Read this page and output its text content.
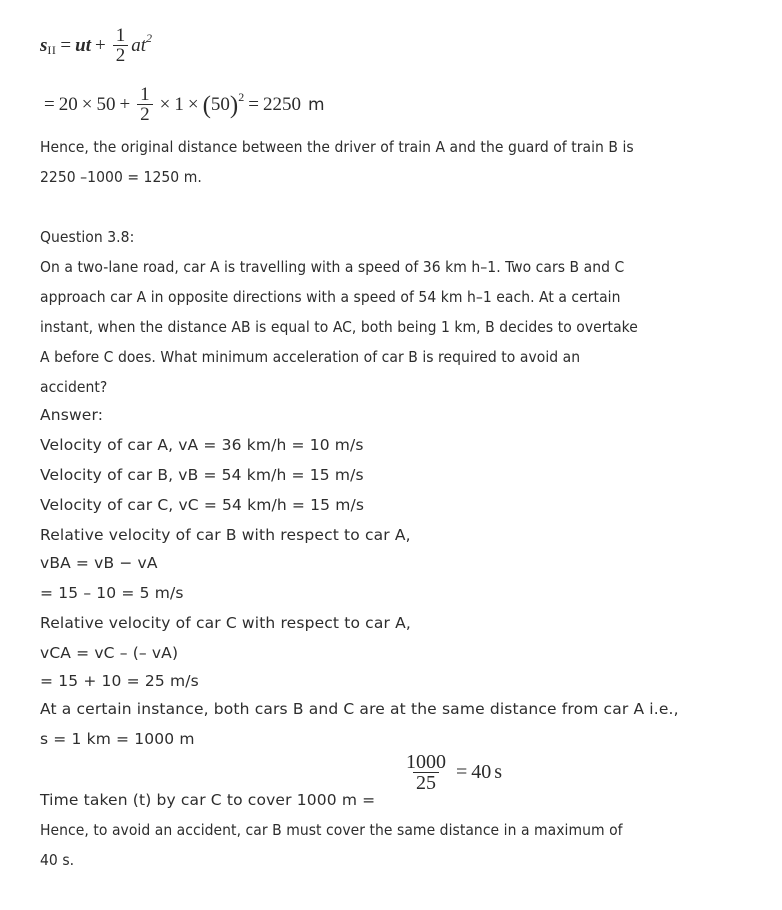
s II = ut + $\frac{1}{2}$ at 2
= $20 \times 50 + \frac{1}{2} \times 1$ × ( 50 ) 2 = 2250 m
Hence, the original distance between the driver of train A and the guard of train B is
2250 –1000 = 1250 m.
Question 3.8:
On a two-lane road, car A is travelling with a speed of 36 km h–1. Two cars B and C
approach car A in opposite directions with a speed of 54 km h–1 each. At a certain
instant, when the distance AB is equal to AC, both being 1 km, B decides to overtake
A before C does. What minimum acceleration of car B is required to avoid an
accident?
Answer:
Velocity of car A, vA = 36 km/h = 10 m/s
Velocity of car B, vB = 54 km/h = 15 m/s
Velocity of car C, vC = 54 km/h = 15 m/s
Relative velocity of car B with respect to car A,
vBA = vB − vA
= 15 – 10 = 5 m/s
Relative velocity of car C with respect to car A,
vCA = vC – (– vA)
= 15 + 10 = 25 m/s
At a certain instance, both cars B and C are at the same distance from car A i.e.,
s = 1 km = 1000 m
Time taken (t) by car C to cover 1000 m =
$\frac{1000}{25} = 40$ s
Hence, to avoid an accident, car B must cover the same distance in a maximum of
40 s.
